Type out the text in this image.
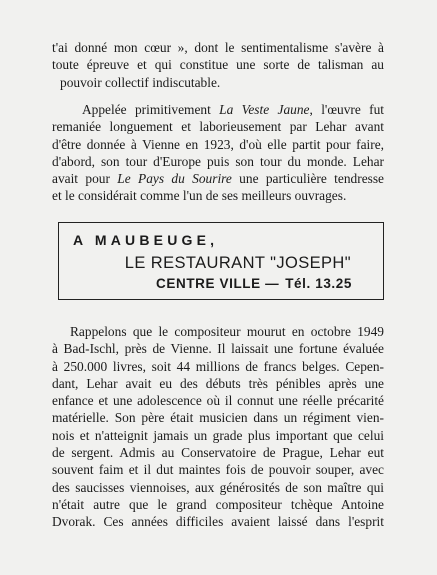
t'ai donné mon cœur », dont le sentimentalisme s'avère à
toute épreuve et qui constitue une sorte de talisman au
pouvoir collectif indiscutable.

Appelée primitivement La Veste Jaune, l'œuvre fut
remaniée longuement et laborieusement par Lehar avant
d'être donnée à Vienne en 1923, d'où elle partit pour faire,
d'abord, son tour d'Europe puis son tour du monde. Lehar
avait pour Le Pays du Sourire une particulière tendresse
et le considérait comme l'un de ses meilleurs ouvrages.

A MAUBEUGE,
LE RESTAURANT "JOSEPH"
CENTRE VILLE — Tél. 13.25

Rappelons que le compositeur mourut en octobre 1949
à Bad-Ischl, près de Vienne. Il laissait une fortune évaluée
à 250.000 livres, soit 44 millions de francs belges. Cepen-
dant, Lehar avait eu des débuts très pénibles après une
enfance et une adolescence où il connut une réelle précarité
matérielle. Son père était musicien dans un régiment vien-
nois et n'atteignit jamais un grade plus important que celui
de sergent. Admis au Conservatoire de Prague, Lehar eut
souvent faim et il dut maintes fois de pouvoir souper, avec
des saucisses viennoises, aux générosités de son maître qui
n'était autre que le grand compositeur tchèque Antoine
Dvorak. Ces années difficiles avaient laissé dans l'esprit
